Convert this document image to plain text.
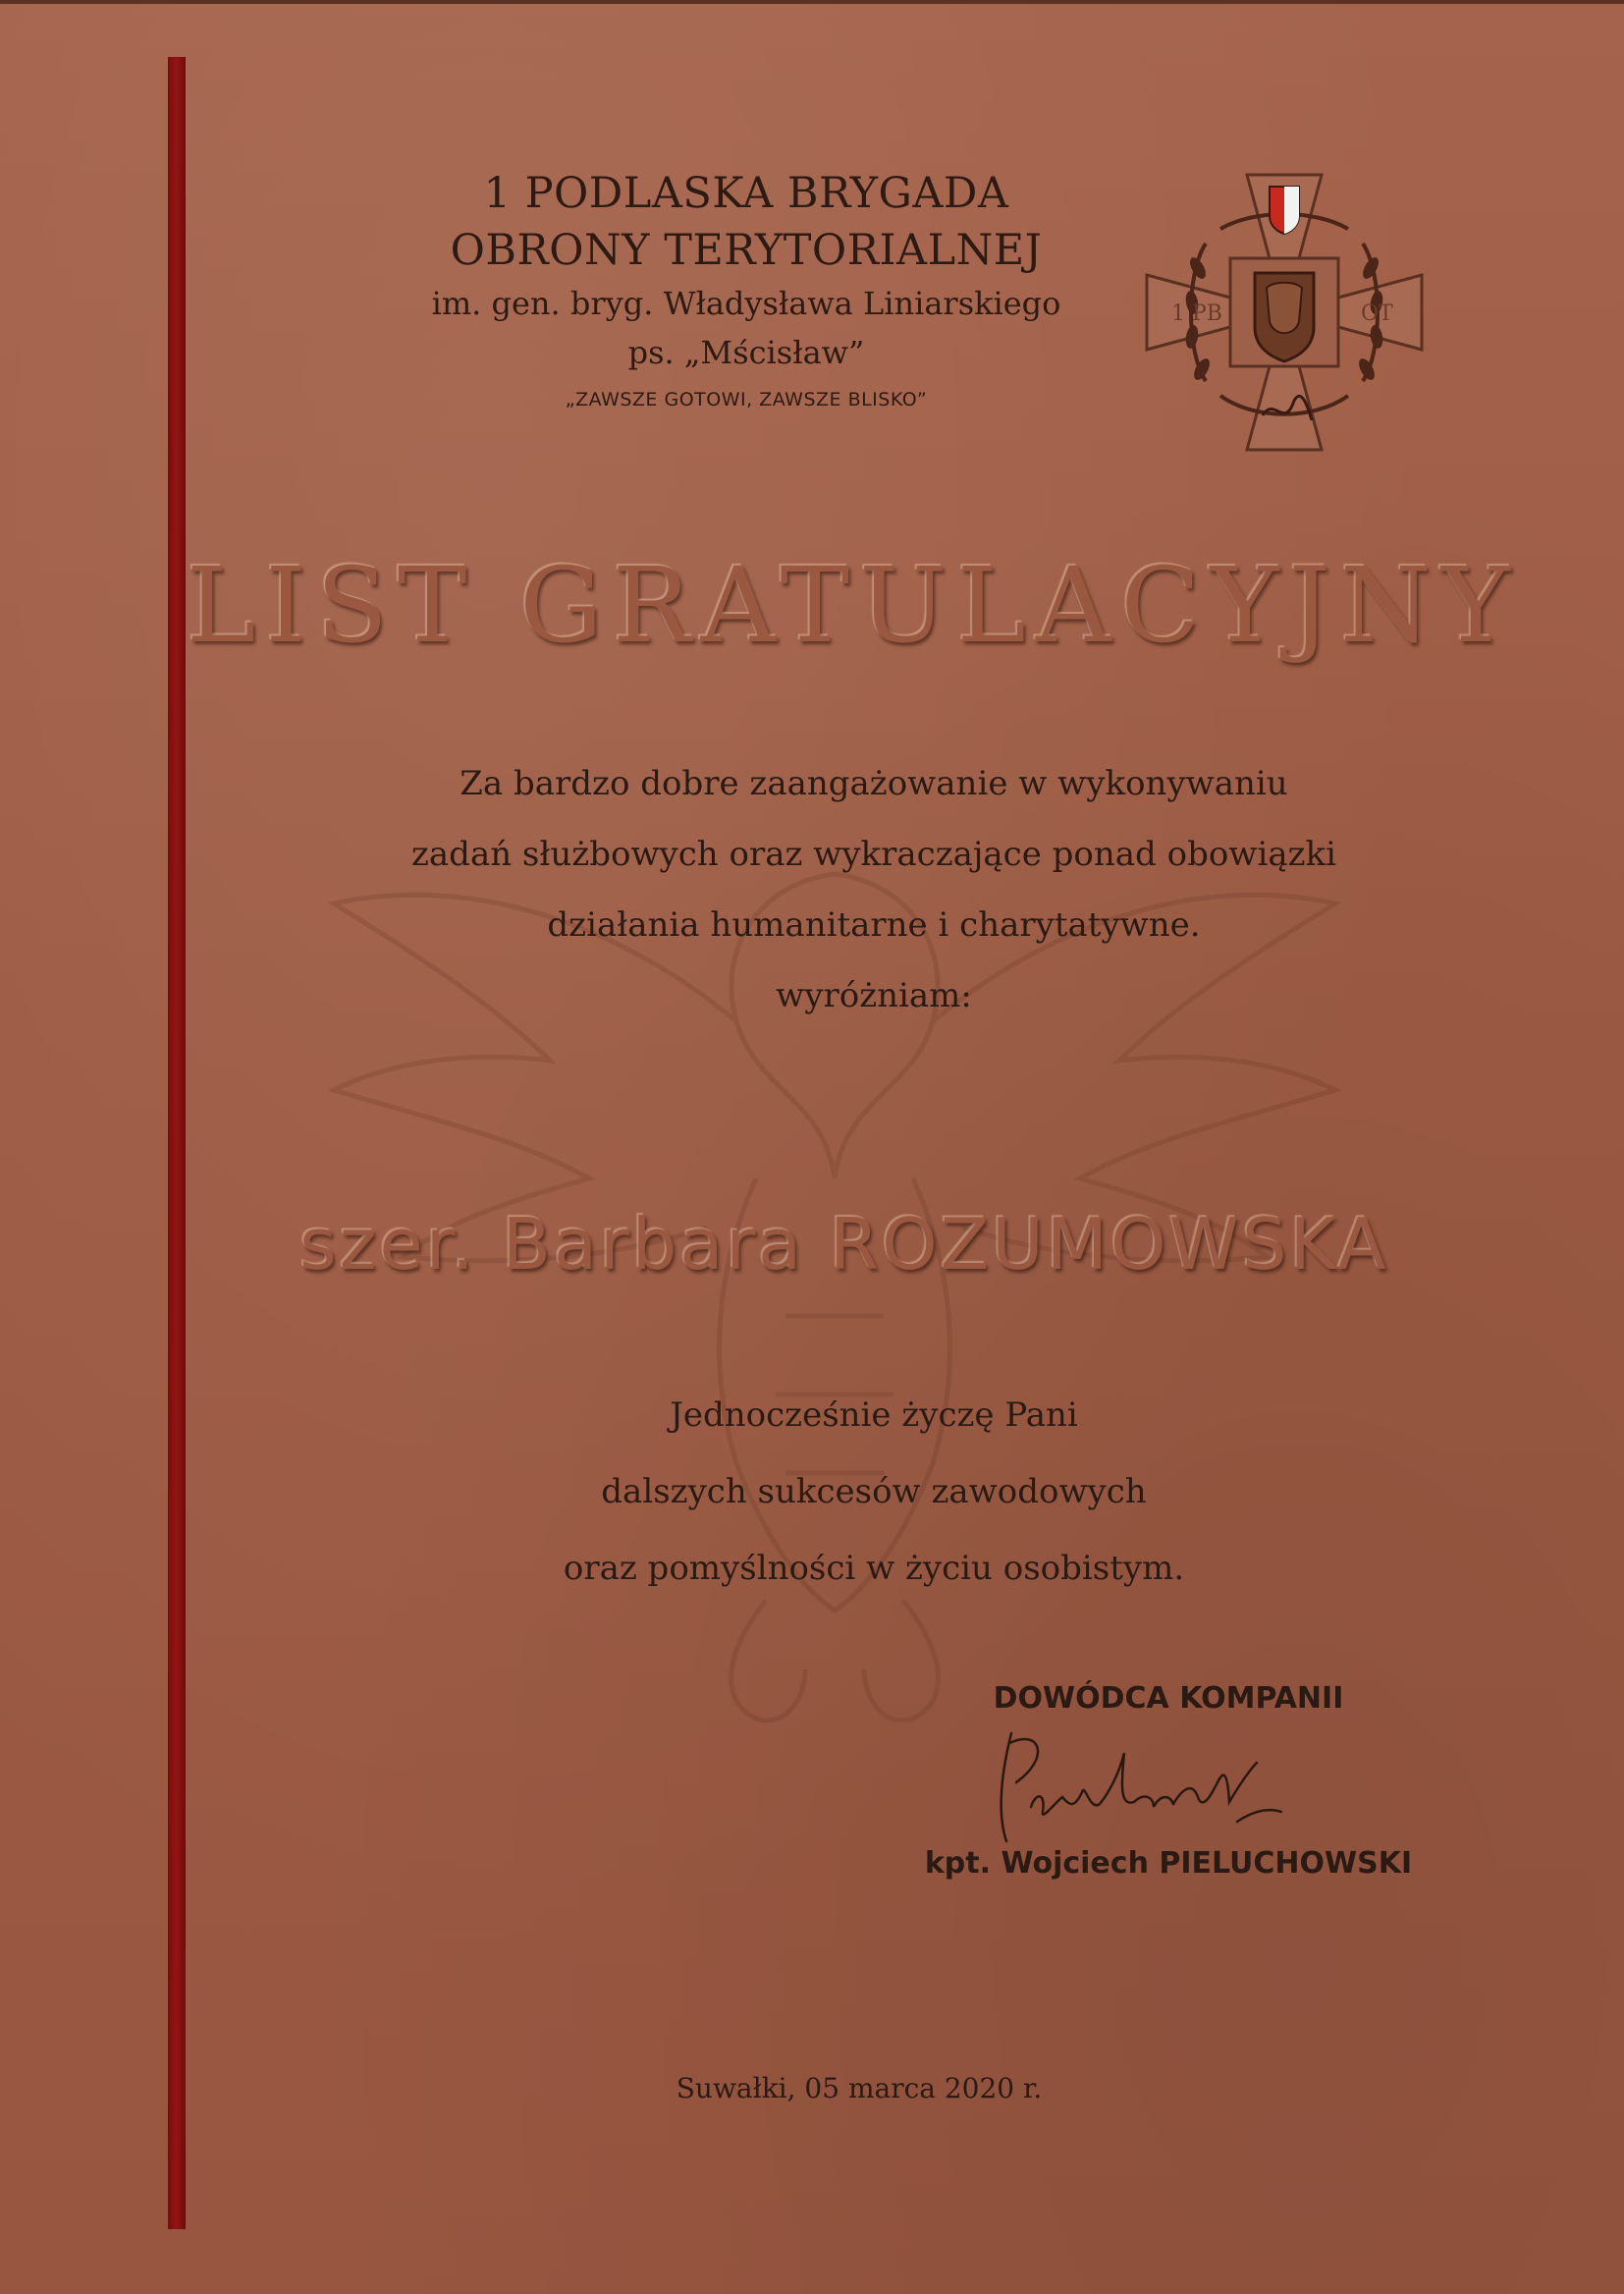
1 PODLASKA BRYGADA
OBRONY TERYTORIALNEJ
im. gen. bryg. Władysława Liniarskiego
ps. „Mścisław”
„ZAWSZE GOTOWI, ZAWSZE BLISKO”
1 PB	OT
LIST GRATULACYJNY
Za bardzo dobre zaangażowanie w wykonywaniu
zadań służbowych oraz wykraczające ponad obowiązki
działania humanitarne i charytatywne.
wyróżniam:
szer. Barbara ROZUMOWSKA
Jednocześnie życzę Pani
dalszych sukcesów zawodowych
oraz pomyślności w życiu osobistym.
DOWÓDCA KOMPANII
kpt. Wojciech PIELUCHOWSKI
Suwałki, 05 marca 2020 r.
